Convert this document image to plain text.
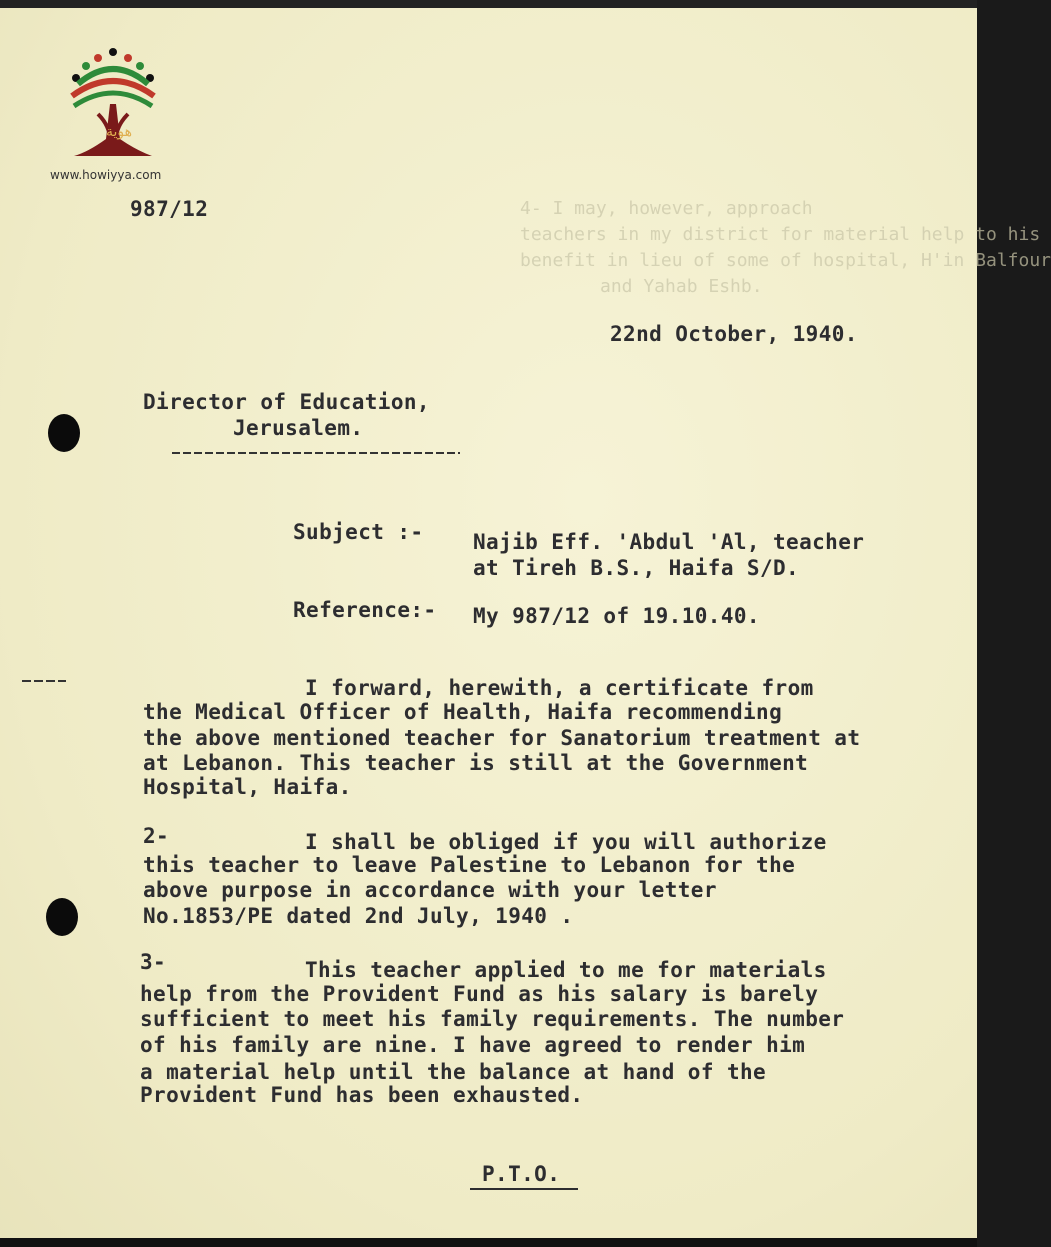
هوية
www.howiyya.com
4- I may, however, approach
teachers in my district for material help to his
benefit in lieu of some of hospital, H'in Balfour
and Yahab Eshb.
987/12
22nd October, 1940.
Director of Education,
Jerusalem.
Subject :- Najib Eff. 'Abdul 'Al, teacher
at Tireh B.S., Haifa S/D.
Reference:- My 987/12 of 19.10.40.
I forward, herewith, a certificate from
the Medical Officer of Health, Haifa recommending
the above mentioned teacher for Sanatorium treatment at
at Lebanon. This teacher is still at the Government
Hospital, Haifa.
2-	I shall be obliged if you will authorize
this teacher to leave Palestine to Lebanon for the
above purpose in accordance with your letter
No.1853/PE dated 2nd July, 1940 .
3-	This teacher applied to me for materials
help from the Provident Fund as his salary is barely
sufficient to meet his family requirements. The number
of his family are nine. I have agreed to render him
a material help until the balance at hand of the
Provident Fund has been exhausted.
P.T.O.
